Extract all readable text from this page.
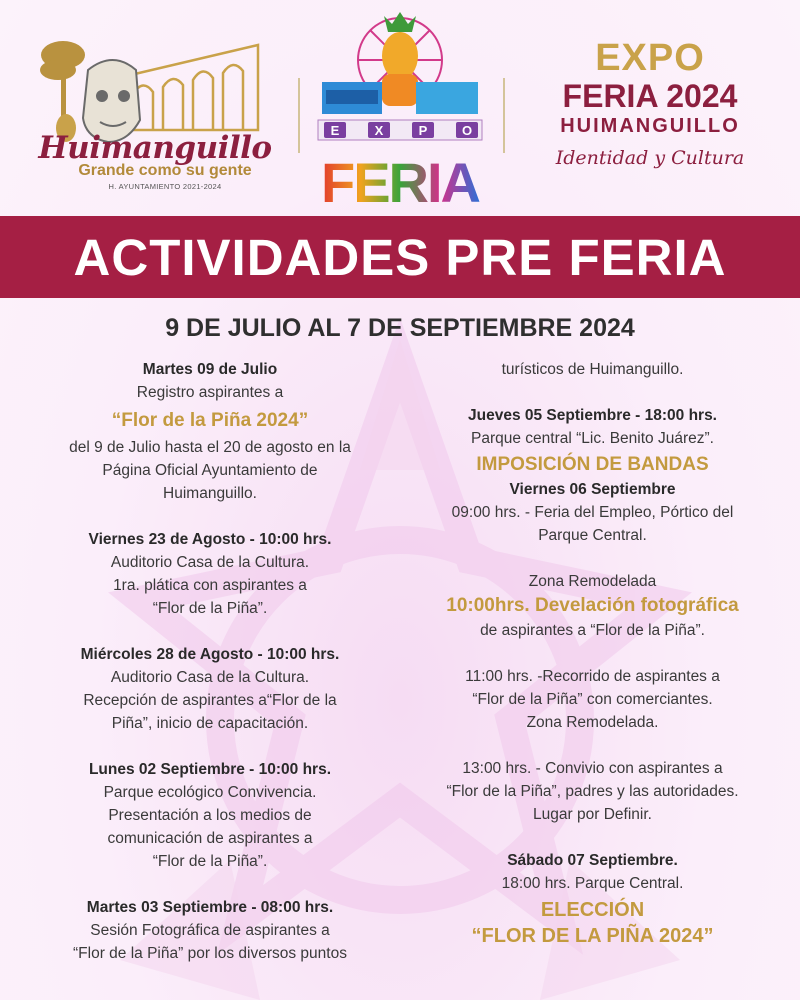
Huimanguillo
Grande como su gente
H. AYUNTAMIENTO 2021-2024
E	X	P	O
FERIA
EXPO
FERIA 2024
HUIMANGUILLO
Identidad y Cultura
ACTIVIDADES PRE FERIA
9 DE JULIO AL 7 DE SEPTIEMBRE 2024
Martes 09 de Julio
Registro aspirantes a
“Flor de la Piña 2024”
del 9 de Julio hasta el 20 de agosto en la
Página Oficial Ayuntamiento de
Huimanguillo.
Viernes 23 de Agosto - 10:00 hrs.
Auditorio Casa de la Cultura.
1ra. plática con aspirantes a
“Flor de la Piña”.
Miércoles 28 de Agosto - 10:00 hrs.
Auditorio Casa de la Cultura.
Recepción de aspirantes a“Flor de la
Piña”, inicio de capacitación.
Lunes 02 Septiembre - 10:00 hrs.
Parque ecológico Convivencia.
Presentación a los medios de
comunicación de aspirantes a
“Flor de la Piña”.
Martes 03 Septiembre - 08:00 hrs.
Sesión Fotográfica de aspirantes a
“Flor de la Piña” por los diversos puntos
turísticos de Huimanguillo.
Jueves 05 Septiembre - 18:00 hrs.
Parque central “Lic. Benito Juárez”.
IMPOSICIÓN DE BANDAS
Viernes 06 Septiembre
09:00 hrs. - Feria del Empleo, Pórtico del
Parque Central.
Zona Remodelada
10:00hrs. Develación fotográfica
de aspirantes a “Flor de la Piña”.
11:00 hrs. -Recorrido de aspirantes a
“Flor de la Piña” con comerciantes.
Zona Remodelada.
13:00 hrs. - Convivio con aspirantes a
“Flor de la Piña”, padres y las autoridades.
Lugar por Definir.
Sábado 07 Septiembre.
18:00 hrs. Parque Central.
ELECCIÓN
“FLOR DE LA PIÑA 2024”
